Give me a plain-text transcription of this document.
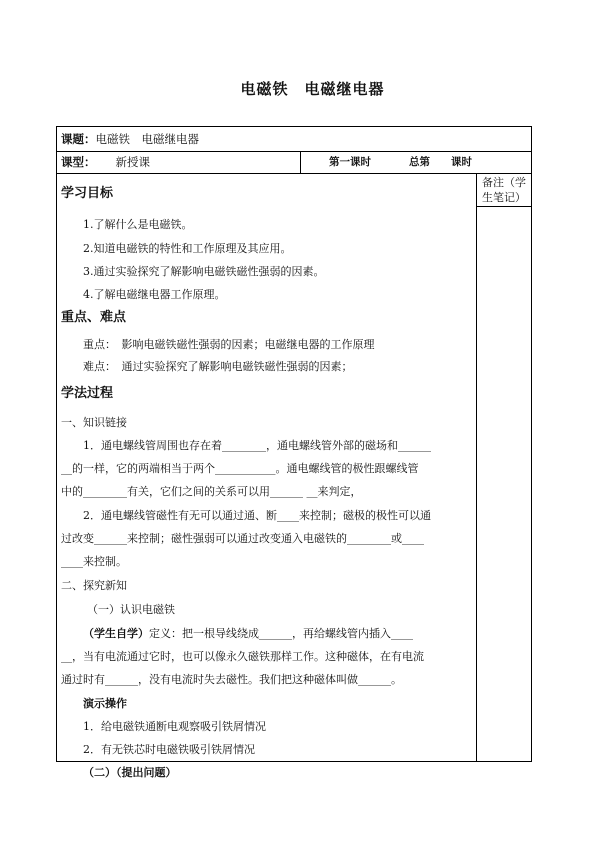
电磁铁　电磁继电器
课题：电磁铁　电磁继电器
课型： 新授课	第一课时	总第　　课时
备注（学生笔记）
学习目标
1.了解什么是电磁铁。
2.知道电磁铁的特性和工作原理及其应用。
3.通过实验探究了解影响电磁铁磁性强弱的因素。
4.了解电磁继电器工作原理。
重点、难点
重点：　影响电磁铁磁性强弱的因素；电磁继电器的工作原理
难点：　通过实验探究了解影响电磁铁磁性强弱的因素；
学法过程
一、知识链接
1．通电螺线管周围也存在着________，通电螺线管外部的磁场和______
__的一样，它的两端相当于两个___________。通电螺线管的极性跟螺线管
中的________有关，它们之间的关系可以用______ __来判定，
2．通电螺线管磁性有无可以通过通、断____来控制；磁极的极性可以通
过改变______来控制；磁性强弱可以通过改变通入电磁铁的________或____
____来控制。
二、探究新知
（一）认识电磁铁
（学生自学）定义：把一根导线绕成______，再给螺线管内插入____
__，当有电流通过它时，也可以像永久磁铁那样工作。这种磁体，在有电流
通过时有______，没有电流时失去磁性。我们把这种磁体叫做______。
演示操作
1．给电磁铁通断电观察吸引铁屑情况
2．有无铁芯时电磁铁吸引铁屑情况
（二）（提出问题）
